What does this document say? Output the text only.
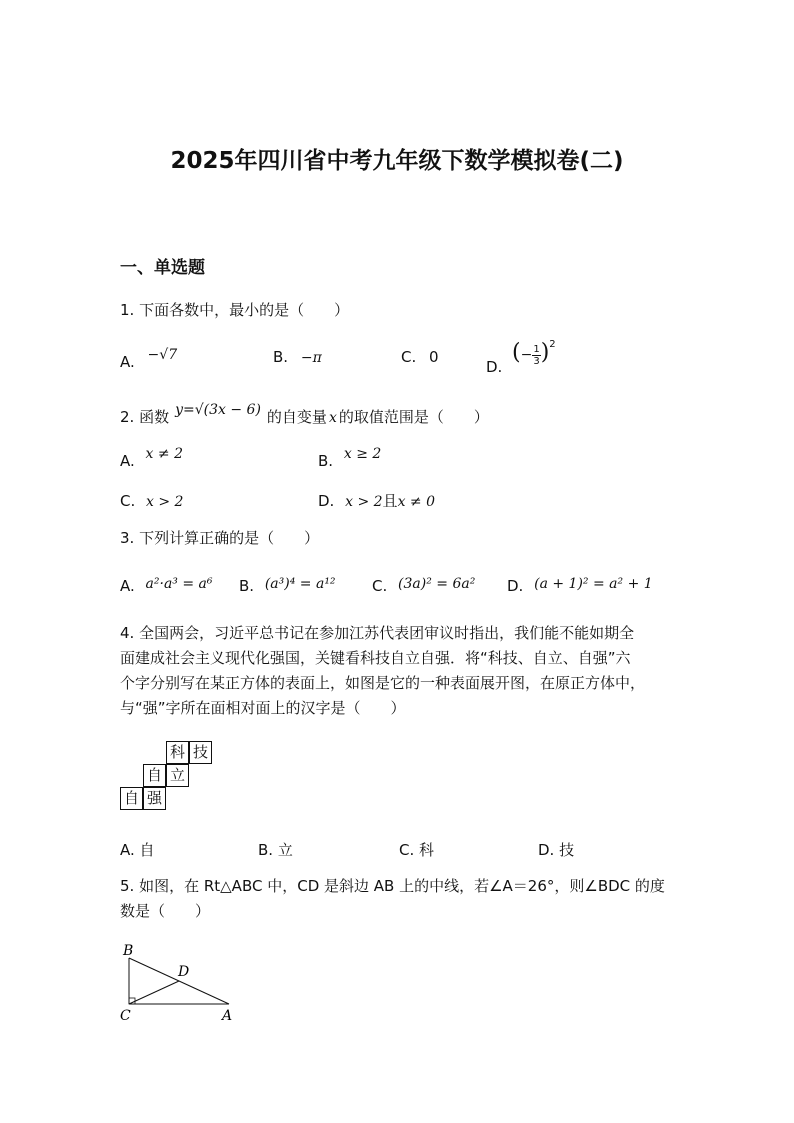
2025年四川省中考九年级下数学模拟卷(二)
一、单选题
1. 下面各数中，最小的是（　　）
A. −√7	B. −π	C. 0
D.
(− $\frac{1}{3} )^2$
2. 函数 y=√(3x − 6) 的自变量 x 的取值范围是（　　）
A. x ≠ 2	B. x ≥ 2
C. x > 2	D. x > 2且x ≠ 0
3. 下列计算正确的是（　　）
A. a²·a³ = a⁶ B. (a³)⁴ = a¹² C. (3a)² = 6a² D. (a + 1)² = a² + 1
4. 全国两会，习近平总书记在参加江苏代表团审议时指出，我们能不能如期全
面建成社会主义现代化强国，关键看科技自立自强．将“科技、自立、自强”六
个字分别写在某正方体的表面上，如图是它的一种表面展开图，在原正方体中，
与“强”字所在面相对面上的汉字是（　　）
科 技
自 立
自 强
A. 自	B. 立	C. 科	D. 技
5. 如图，在 Rt△ABC 中，CD 是斜边 AB 上的中线，若∠A＝26°，则∠BDC 的度
数是（　　）
B
D
C	A
